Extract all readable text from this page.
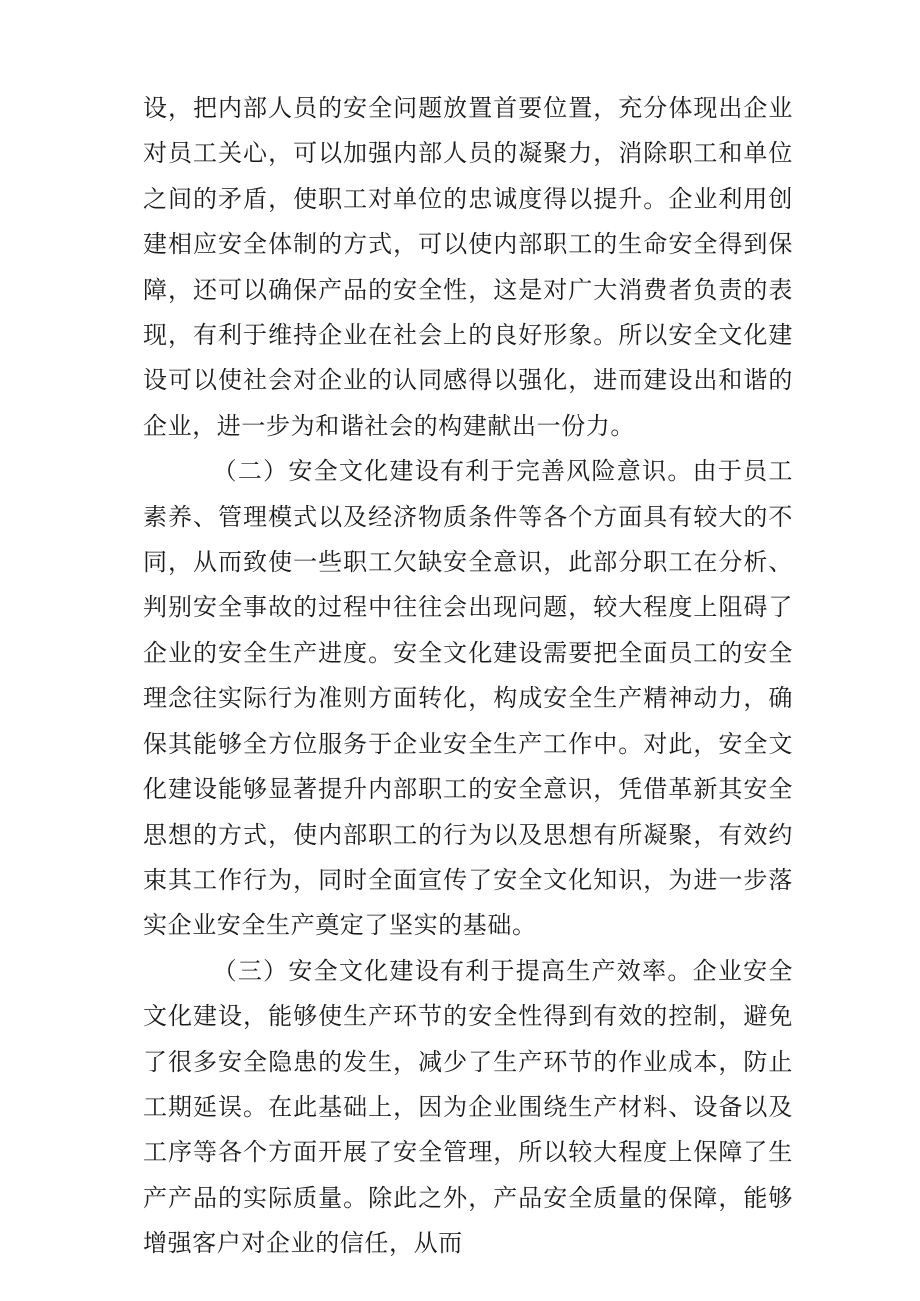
设，把内部人员的安全问题放置首要位置，充分体现出企业对员工关心，可以加强内部人员的凝聚力，消除职工和单位之间的矛盾，使职工对单位的忠诚度得以提升。企业利用创建相应安全体制的方式，可以使内部职工的生命安全得到保障，还可以确保产品的安全性，这是对广大消费者负责的表现，有利于维持企业在社会上的良好形象。所以安全文化建设可以使社会对企业的认同感得以强化，进而建设出和谐的企业，进一步为和谐社会的构建献出一份力。

（二）安全文化建设有利于完善风险意识。由于员工素养、管理模式以及经济物质条件等各个方面具有较大的不同，从而致使一些职工欠缺安全意识，此部分职工在分析、判别安全事故的过程中往往会出现问题，较大程度上阻碍了企业的安全生产进度。安全文化建设需要把全面员工的安全理念往实际行为准则方面转化，构成安全生产精神动力，确保其能够全方位服务于企业安全生产工作中。对此，安全文化建设能够显著提升内部职工的安全意识，凭借革新其安全思想的方式，使内部职工的行为以及思想有所凝聚，有效约束其工作行为，同时全面宣传了安全文化知识，为进一步落实企业安全生产奠定了坚实的基础。

（三）安全文化建设有利于提高生产效率。企业安全文化建设，能够使生产环节的安全性得到有效的控制，避免了很多安全隐患的发生，减少了生产环节的作业成本，防止工期延误。在此基础上，因为企业围绕生产材料、设备以及工序等各个方面开展了安全管理，所以较大程度上保障了生产产品的实际质量。除此之外，产品安全质量的保障，能够增强客户对企业的信任，从而
